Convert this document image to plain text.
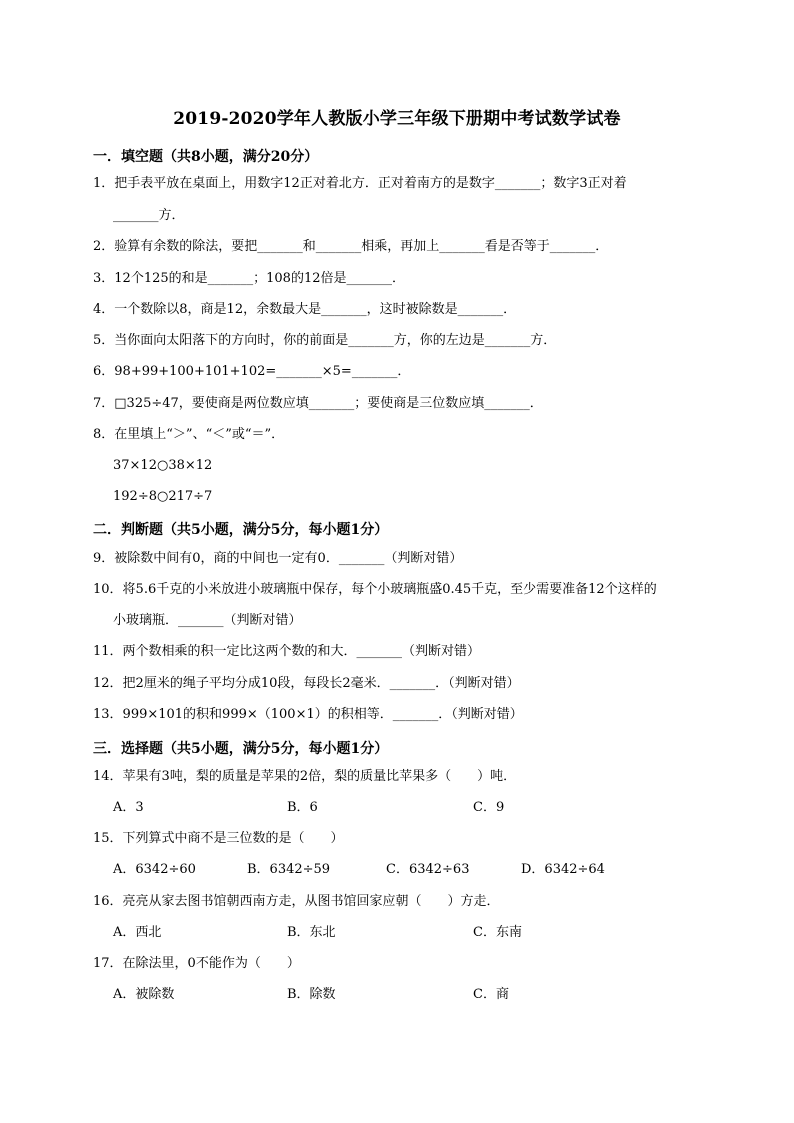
2019-2020学年人教版小学三年级下册期中考试数学试卷
一．填空题（共8小题，满分20分）
1．把手表平放在桌面上，用数字12正对着北方．正对着南方的是数字_______；数字3正对着
_______方．
2．验算有余数的除法，要把_______和_______相乘，再加上_______看是否等于_______．
3．12个125的和是_______；108的12倍是_______．
4．一个数除以8，商是12，余数最大是_______，这时被除数是_______．
5．当你面向太阳落下的方向时，你的前面是_______方，你的左边是_______方．
6．98+99+100+101+102=_______×5=_______．
7．□325÷47，要使商是两位数应填_______；要使商是三位数应填_______．
8．在里填上“＞”、“＜”或“＝”．
37×12○38×12
192÷8○217÷7
二．判断题（共5小题，满分5分，每小题1分）
9．被除数中间有0，商的中间也一定有0．_______（判断对错）
10．将5.6千克的小米放进小玻璃瓶中保存，每个小玻璃瓶盛0.45千克，至少需要准备12个这样的
小玻璃瓶．_______（判断对错）
11．两个数相乘的积一定比这两个数的和大．_______（判断对错）
12．把2厘米的绳子平均分成10段，每段长2毫米．_______．（判断对错）
13．999×101的积和999×（100×1）的积相等．_______．（判断对错）
三．选择题（共5小题，满分5分，每小题1分）
14．苹果有3吨，梨的质量是苹果的2倍，梨的质量比苹果多（　　）吨．
A．3	B．6	C．9
15．下列算式中商不是三位数的是（　　）
A．6342÷60	B．6342÷59	C．6342÷63	D．6342÷64
16．亮亮从家去图书馆朝西南方走，从图书馆回家应朝（　　）方走．
A．西北	B．东北	C．东南
17．在除法里，0不能作为（　　）
A．被除数	B．除数	C．商
